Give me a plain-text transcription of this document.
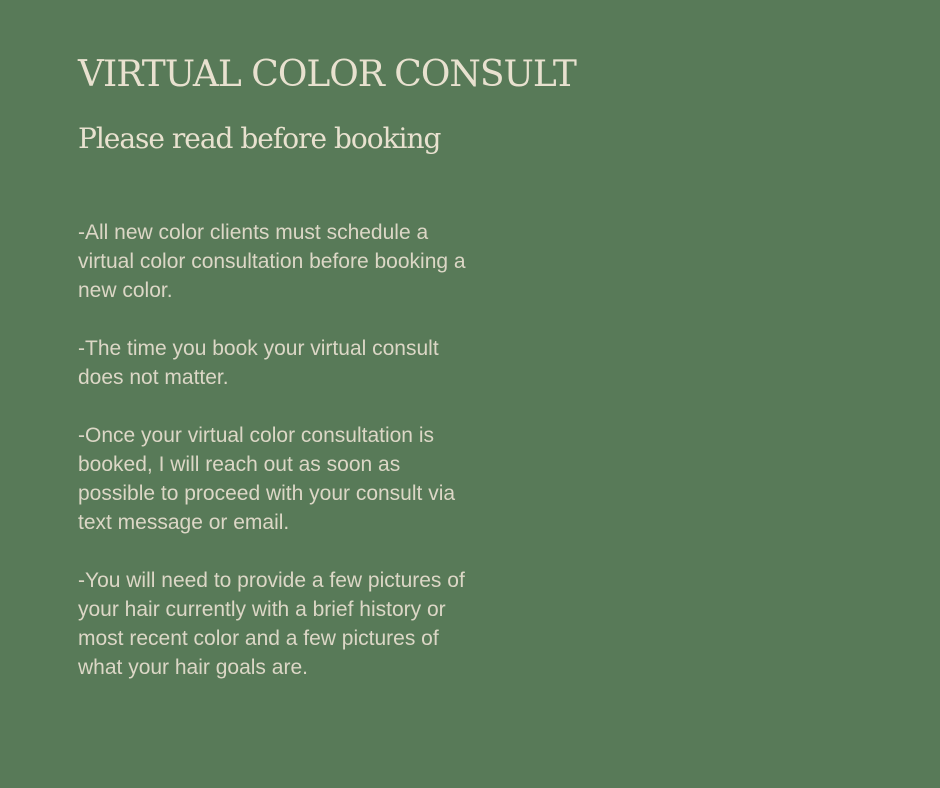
VIRTUAL COLOR CONSULT
Please read before booking

-All new color clients must schedule a virtual color consultation before booking a new color.

-The time you book your virtual consult does not matter.

-Once your virtual color consultation is booked, I will reach out as soon as possible to proceed with your consult via text message or email.

-You will need to provide a few pictures of your hair currently with a brief history or most recent color and a few pictures of what your hair goals are.
